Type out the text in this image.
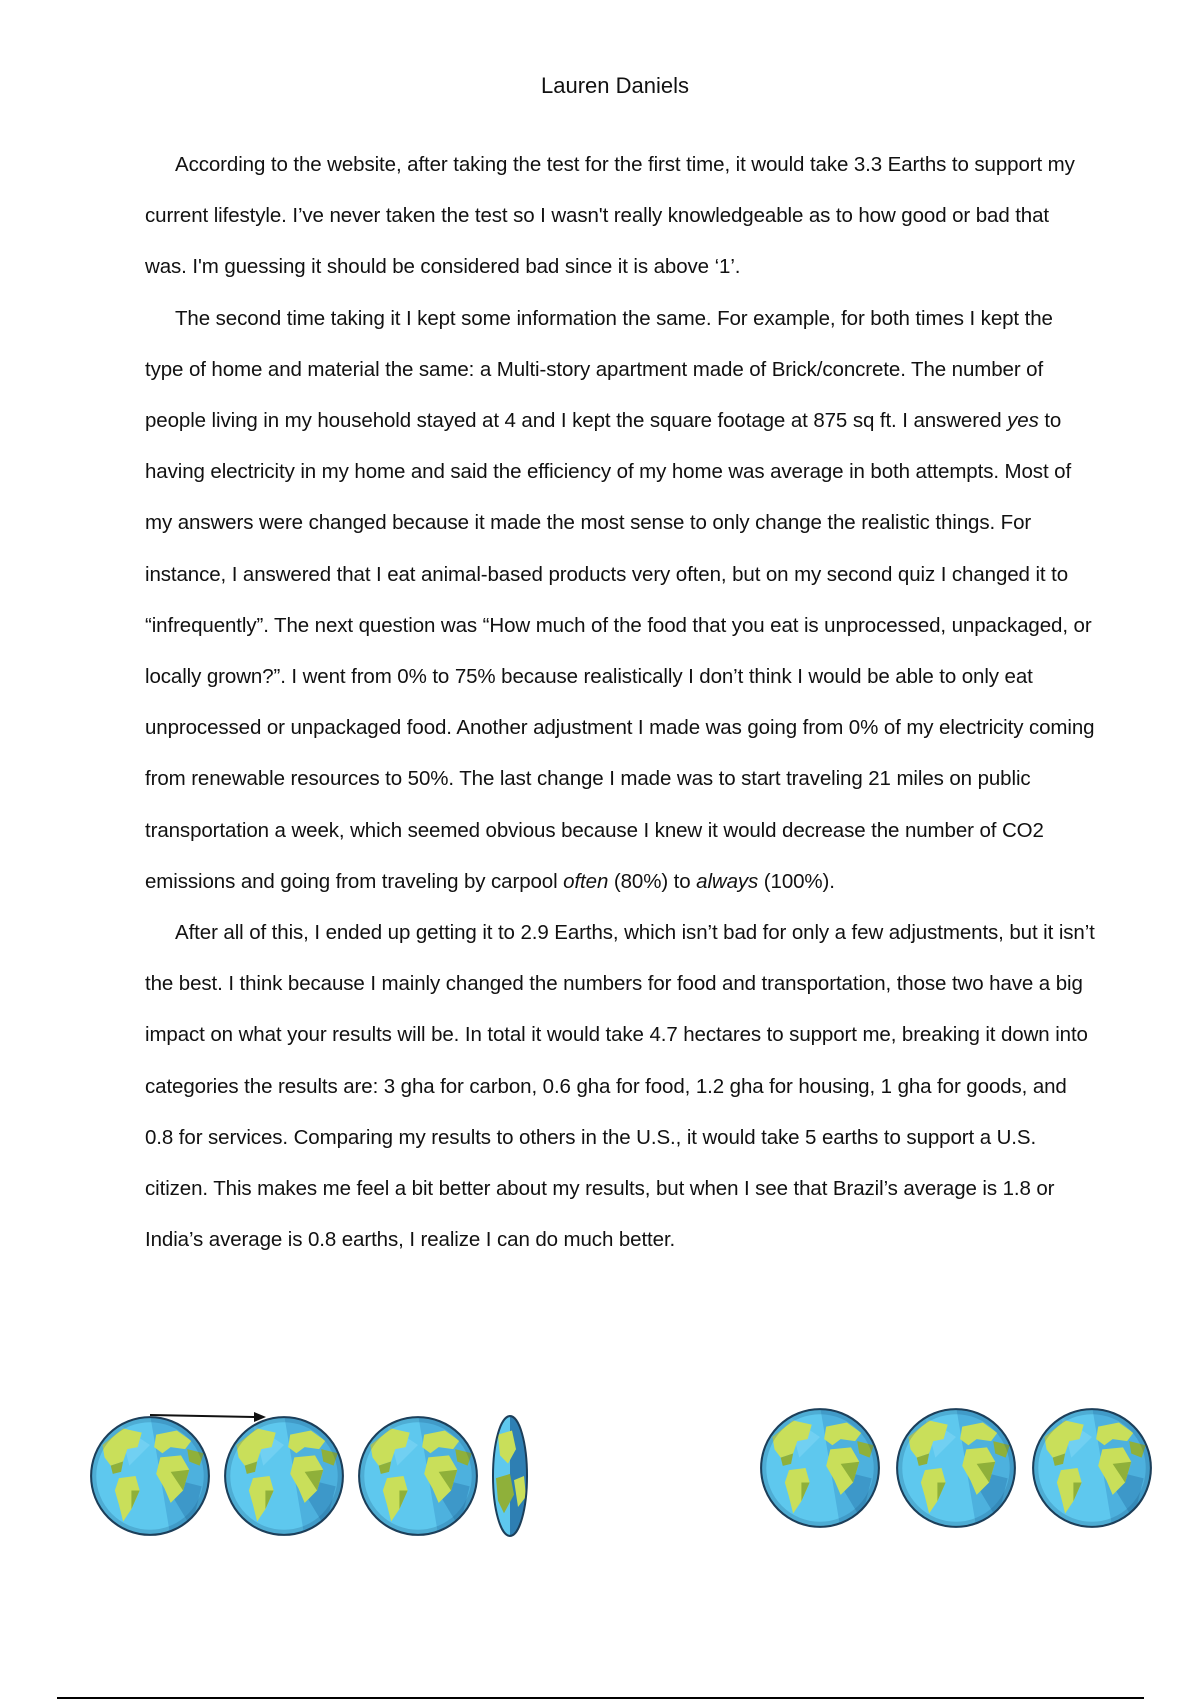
Lauren Daniels

According to the website, after taking the test for the first time, it would take 3.3 Earths to support my current lifestyle. I’ve never taken the test so I wasn't really knowledgeable as to how good or bad that was. I'm guessing it should be considered bad since it is above ‘1’.

The second time taking it I kept some information the same. For example, for both times I kept the type of home and material the same: a Multi-story apartment made of Brick/concrete. The number of people living in my household stayed at 4 and I kept the square footage at 875 sq ft. I answered yes to having electricity in my home and said the efficiency of my home was average in both attempts. Most of my answers were changed because it made the most sense to only change the realistic things. For instance, I answered that I eat animal-based products very often, but on my second quiz I changed it to “infrequently”. The next question was “How much of the food that you eat is unprocessed, unpackaged, or locally grown?”. I went from 0% to 75% because realistically I don’t think I would be able to only eat unprocessed or unpackaged food. Another adjustment I made was going from 0% of my electricity coming from renewable resources to 50%. The last change I made was to start traveling 21 miles on public transportation a week, which seemed obvious because I knew it would decrease the number of CO2 emissions and going from traveling by carpool often (80%) to always (100%).

After all of this, I ended up getting it to 2.9 Earths, which isn’t bad for only a few adjustments, but it isn’t the best. I think because I mainly changed the numbers for food and transportation, those two have a big impact on what your results will be. In total it would take 4.7 hectares to support me, breaking it down into categories the results are: 3 gha for carbon, 0.6 gha for food, 1.2 gha for housing, 1 gha for goods, and 0.8 for services. Comparing my results to others in the U.S., it would take 5 earths to support a U.S. citizen. This makes me feel a bit better about my results, but when I see that Brazil’s average is 1.8 or India’s average is 0.8 earths, I realize I can do much better.
